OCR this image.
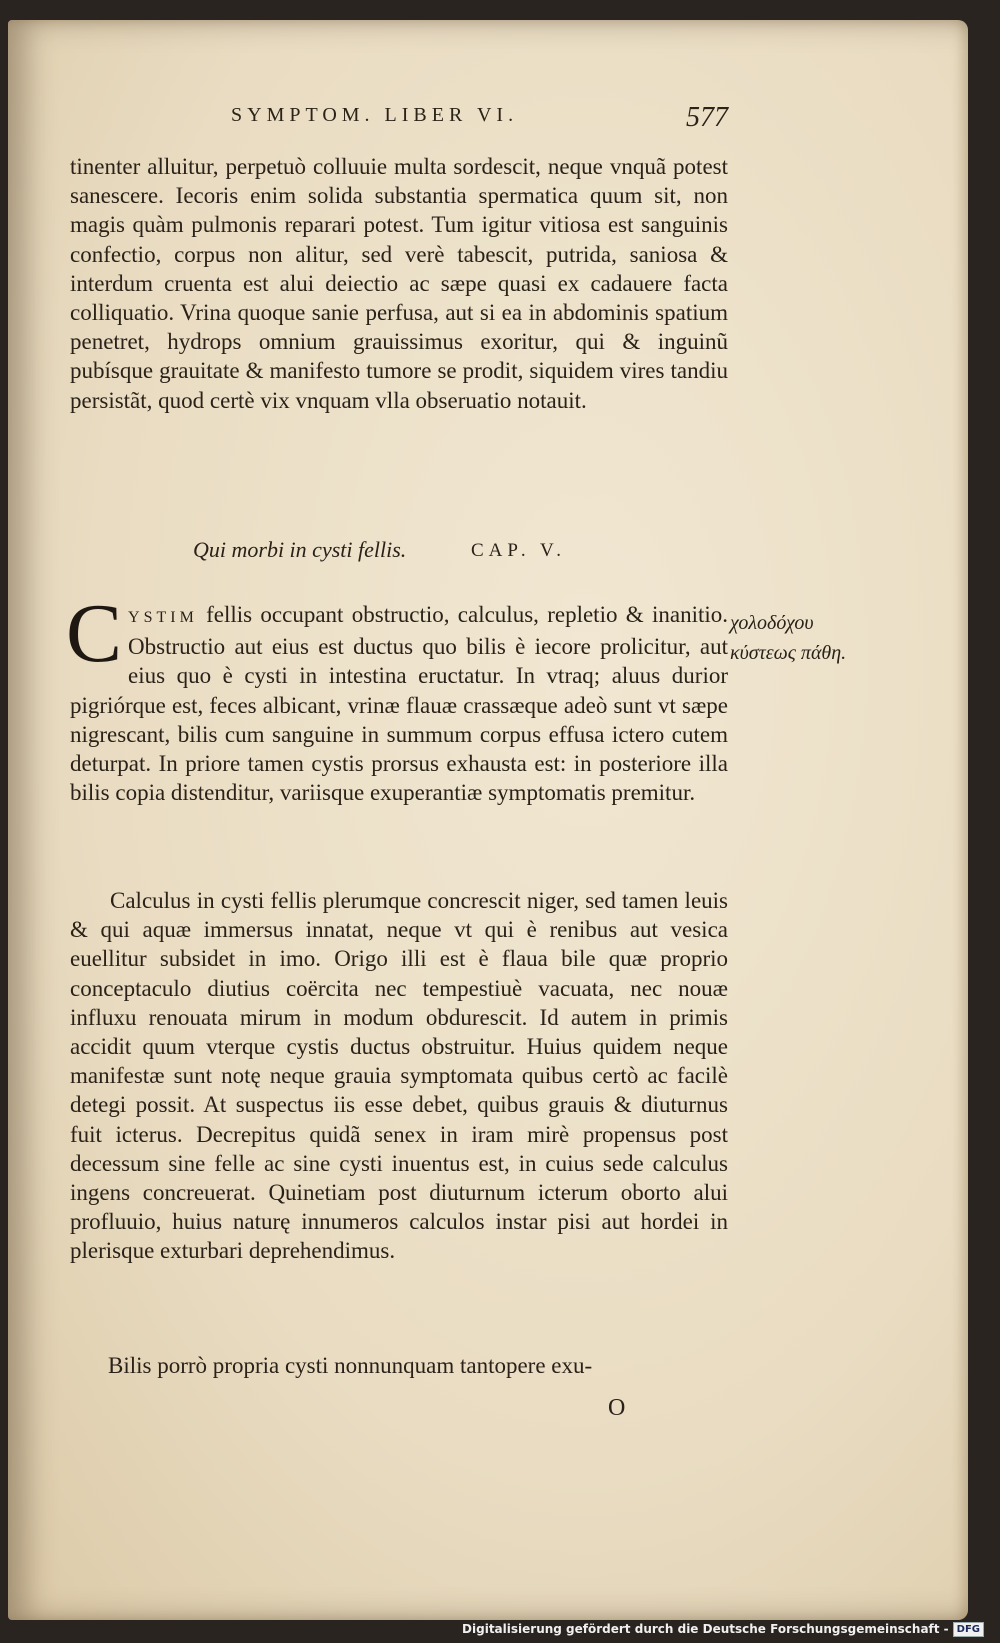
SYMPTOM. LIBER VI.	577

tinenter alluitur, perpetuò colluuie multa sordescit, neque vnquã potest sanescere. Iecoris enim solida substantia spermatica quum sit, non magis quàm pulmonis reparari potest. Tum igitur vitiosa est sanguinis confectio, corpus non alitur, sed verè tabescit, putrida, saniosa & interdum cruenta est alui deiectio ac sæpe quasi ex cadauere facta colliquatio. Vrina quoque sanie perfusa, aut si ea in abdominis spatium penetret, hydrops omnium grauissimus exoritur, qui & inguinũ pubísque grauitate & manifesto tumore se prodit, siquidem vires tandiu persistãt, quod certè vix vnquam vlla obseruatio notauit.

Qui morbi in cysti fellis.	CAP. V.
CYSTIM fellis occupant obstructio, calculus, repletio & inanitio. Obstructio aut eius est ductus quo bilis è iecore prolicitur, aut eius quo è cysti in intestina eructatur. In vtraq; aluus durior pigriórque est, feces albicant, vrinæ flauæ crassæque adeò sunt vt sæpe nigrescant, bilis cum sanguine in summum corpus effusa ictero cutem deturpat. In priore tamen cystis prorsus exhausta est: in posteriore illa bilis copia distenditur, variisque exuperantiæ symptomatis premitur.

Calculus in cysti fellis plerumque concrescit niger, sed tamen leuis & qui aquæ immersus innatat, neque vt qui è renibus aut vesica euellitur subsidet in imo. Origo illi est è flaua bile quæ proprio conceptaculo diutius coërcita nec tempestiuè vacuata, nec nouæ influxu renouata mirum in modum obdurescit. Id autem in primis accidit quum vterque cystis ductus obstruitur. Huius quidem neque manifestæ sunt notę neque grauia symptomata quibus certò ac facilè detegi possit. At suspectus iis esse debet, quibus grauis & diuturnus fuit icterus. Decrepitus quidã senex in iram mirè propensus post decessum sine felle ac sine cysti inuentus est, in cuius sede calculus ingens concreuerat. Quinetiam post diuturnum icterum oborto alui profluuio, huius naturę innumeros calculos instar pisi aut hordei in plerisque exturbari deprehendimus.

Bilis porrò propria cysti nonnunquam tantopere exu-

O
χολοδόχου κύστεως πάθη.
Digitalisierung gefördert durch die Deutsche Forschungsgemeinschaft - DFG
